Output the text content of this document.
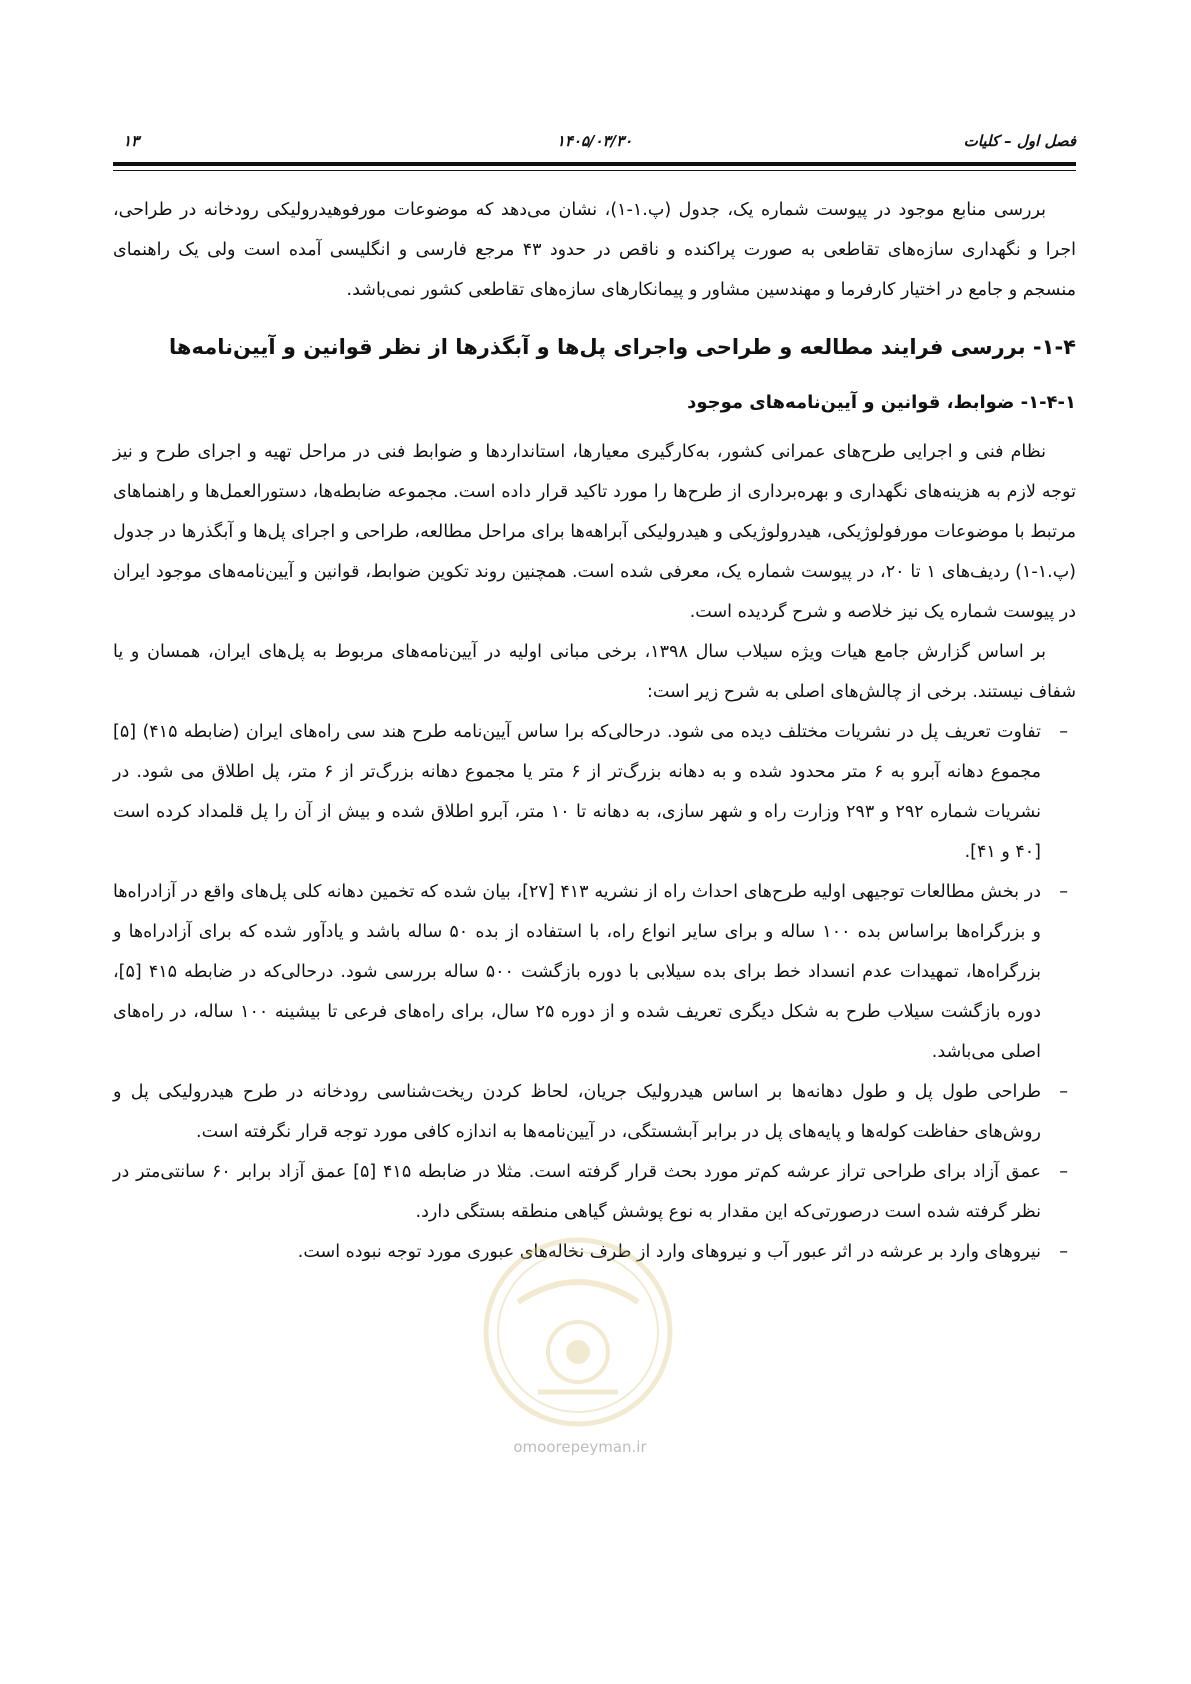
فصل اول – کلیات
۱۴۰۵/۰۳/۳۰
۱۳

بررسی منابع موجود در پیوست شماره یک، جدول (پ.۱-۱)، نشان می‌دهد که موضوعات مورفوهیدرولیکی رودخانه در طراحی، اجرا و نگهداری سازه‌های تقاطعی به صورت پراکنده و ناقص در حدود ۴۳ مرجع فارسی و انگلیسی آمده است ولی یک راهنمای منسجم و جامع در اختیار کارفرما و مهندسین مشاور و پیمانکارهای سازه‌های تقاطعی کشور نمی‌باشد.

۱-۴- بررسی فرایند مطالعه و طراحی واجرای پل‌ها و آبگذرها از نظر قوانین و آیین‌نامه‌ها

۱-۴-۱- ضوابط، قوانین و آیین‌نامه‌های موجود

نظام فنی و اجرایی طرح‌های عمرانی کشور، به‌کارگیری معیارها، استانداردها و ضوابط فنی در مراحل تهیه و اجرای طرح و نیز توجه لازم به هزینه‌های نگهداری و بهره‌برداری از طرح‌ها را مورد تاکید قرار داده است. مجموعه ضابطه‌ها، دستورالعمل‌ها و راهنماهای مرتبط با موضوعات مورفولوژیکی، هیدرولوژیکی و هیدرولیکی آبراهه‌ها برای مراحل مطالعه، طراحی و اجرای پل‌ها و آبگذرها در جدول (پ.۱-۱) ردیف‌های ۱ تا ۲۰، در پیوست شماره یک، معرفی شده است. همچنین روند تکوین ضوابط، قوانین و آیین‌نامه‌های موجود ایران در پیوست شماره یک نیز خلاصه و شرح گردیده است.

بر اساس گزارش جامع هیات ویژه سیلاب سال ۱۳۹۸، برخی مبانی اولیه در آیین‌نامه‌های مربوط به پل‌های ایران، همسان و یا شفاف نیستند. برخی از چالش‌های اصلی به شرح زیر است:

–
تفاوت تعریف پل در نشریات مختلف دیده می شود. درحالی‌که برا ساس آیین‌نامه طرح هند سی راه‌های ایران (ضابطه ۴۱۵) [۵] مجموع دهانه آبرو به ۶ متر محدود شده و به دهانه بزرگ‌تر از ۶ متر یا مجموع دهانه بزرگ‌تر از ۶ متر، پل اطلاق می شود. در نشریات شماره ۲۹۲ و ۲۹۳ وزارت راه و شهر سازی، به دهانه تا ۱۰ متر، آبرو اطلاق شده و بیش از آن را پل قلمداد کرده است [۴۰ و ۴۱].
–
در بخش مطالعات توجیهی اولیه طرح‌های احداث راه از نشریه ۴۱۳ [۲۷]، بیان شده که تخمین دهانه کلی پل‌های واقع در آزادراه‌ها و بزرگراه‌ها براساس بده ۱۰۰ ساله و برای سایر انواع راه، با استفاده از بده ۵۰ ساله باشد و یادآور شده که برای آزادراه‌ها و بزرگراه‌ها، تمهیدات عدم انسداد خط برای بده سیلابی با دوره بازگشت ۵۰۰ ساله بررسی شود. درحالی‌که در ضابطه ۴۱۵ [۵]، دوره بازگشت سیلاب طرح به شکل دیگری تعریف شده و از دوره ۲۵ سال، برای راه‌های فرعی تا بیشینه ۱۰۰ ساله، در راه‌های اصلی می‌باشد.
–
طراحی طول پل و طول دهانه‌ها بر اساس هیدرولیک جریان، لحاظ کردن ریخت‌شناسی رودخانه در طرح هیدرولیکی پل و روش‌های حفاظت کوله‌ها و پایه‌های پل در برابر آبشستگی، در آیین‌نامه‌ها به اندازه کافی مورد توجه قرار نگرفته است.
–
عمق آزاد برای طراحی تراز عرشه کم‌تر مورد بحث قرار گرفته است. مثلا در ضابطه ۴۱۵ [۵] عمق آزاد برابر ۶۰ سانتی‌متر در نظر گرفته شده است درصورتی‌که این مقدار به نوع پوشش گیاهی منطقه بستگی دارد.
–
نیروهای وارد بر عرشه در اثر عبور آب و نیروهای وارد از طرف نخاله‌های عبوری مورد توجه نبوده است.
omoorepeyman.ir
